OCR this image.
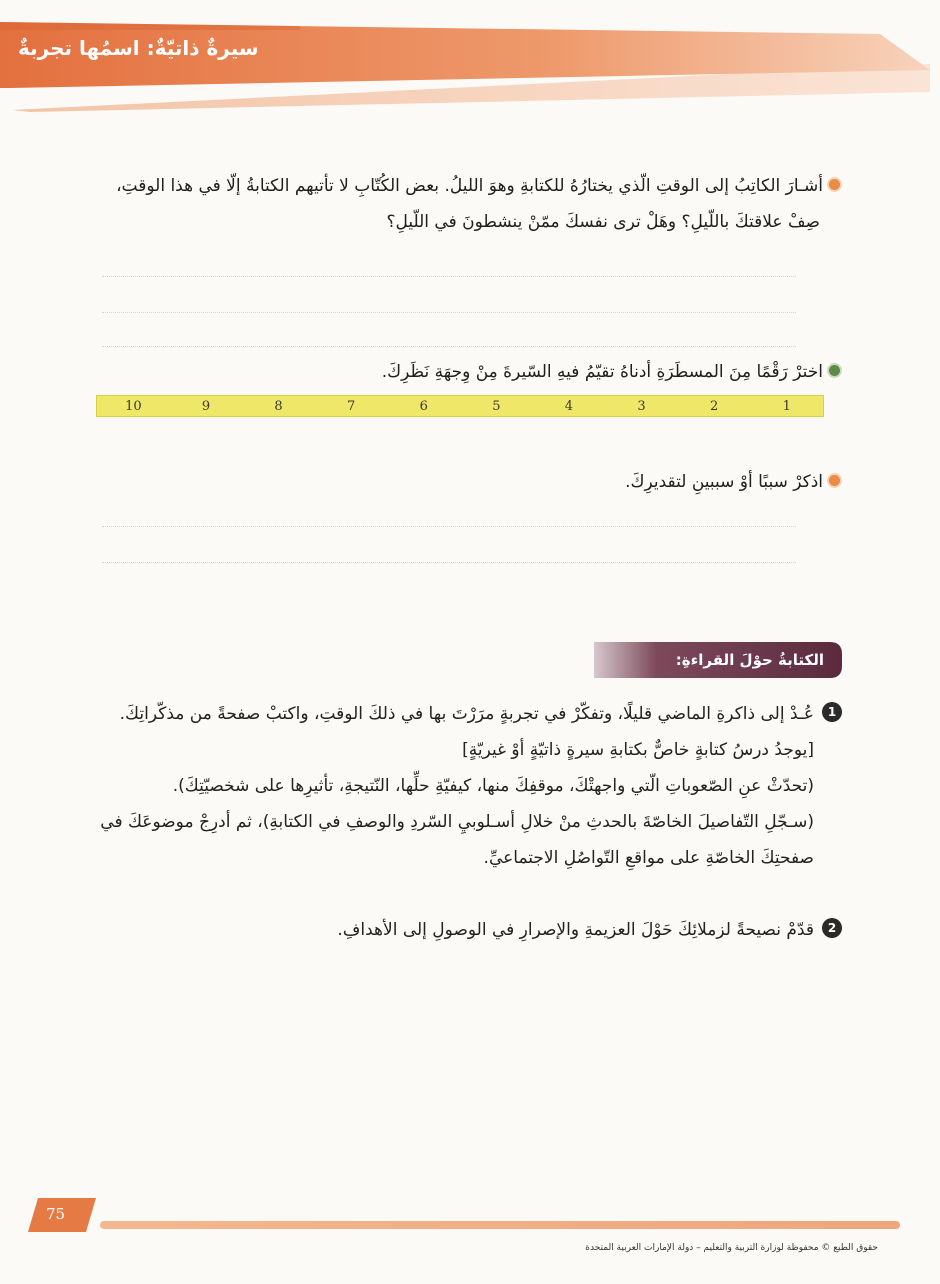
سيرةٌ ذاتيّةٌ: اسمُها تجربةٌ
أشـارَ الكاتِبُ إلى الوقتِ الّذي يختارُهُ للكتابةِ وهوَ الليلُ. بعض الكُتّابِ لا تأتيهم الكتابةُ إلّا في هذا الوقتِ،
صِفْ علاقتكَ باللّيلِ؟ وهَلْ ترى نفسكَ ممّنْ ينشطونَ في اللّيلِ؟
اخترْ رَقْمًا مِنَ المسطَرَةِ أدناهُ تقيّمُ فيهِ السّيرةَ مِنْ وِجهَةِ نَظَرِكَ.
1
2
3
4
5
6
7
8
9
10
اذكرْ سببًا أوْ سببينِ لتقديرِكَ.
الكتابةُ حوْلَ القراءةِ:
1عُـدْ إلى ذاكرةِ الماضي قليلًا، وتفكّرْ في تجربةٍ مرَرْتَ بها في ذلكَ الوقتِ، واكتبْ صفحةً من مذكّراتِكَ.
[يوجدُ درسُ كتابةٍ خاصٌّ بكتابةِ سيرةٍ ذاتيّةٍ أوْ غيريّةٍ]
(تحدّثْ عنِ الصّعوباتِ الّتي واجهتْكَ، موقفِكَ منها، كيفيّةِ حلِّها، النّتيجةِ، تأثيرِها على شخصيّتِكَ).
(سـجّلِ التّفاصيلَ الخاصّةَ بالحدثِ منْ خلالِ أسـلوبيِ السّردِ والوصفِ في الكتابةِ)، ثم أدرِجْ موضوعَكَ في
صفحتِكَ الخاصّةِ على مواقعِ التّواصُلِ الاجتماعيِّ.
2قدّمْ نصيحةً لزملائِكَ حَوْلَ العزيمةِ والإصرارِ في الوصولِ إلى الأهدافِ.
75
حقوق الطبع © محفوظة لوزارة التربية والتعليم – دولة الإمارات العربية المتحدة
